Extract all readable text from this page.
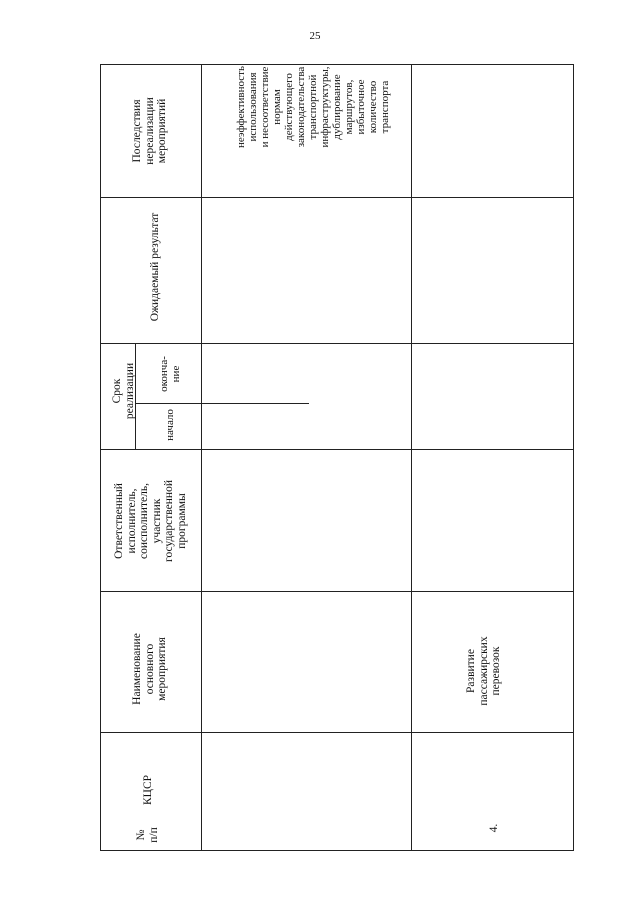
25
Последствия
нереализации
мероприятий
Ожидаемый результат
Срок
реализации	оконча-
ние
начало
Ответственный
исполнитель,
соисполнитель,
участник
государственной
программы
Наименование
основного
мероприятия
КЦСР
№
п/п
неэффективность
использования
и несоответствие
нормам
действующего
законодательства
транспортной
инфраструктуры,
дублирование
маршрутов,
избыточное
количество
транспорта
Развитие
пассажирских
перевозок
4.
